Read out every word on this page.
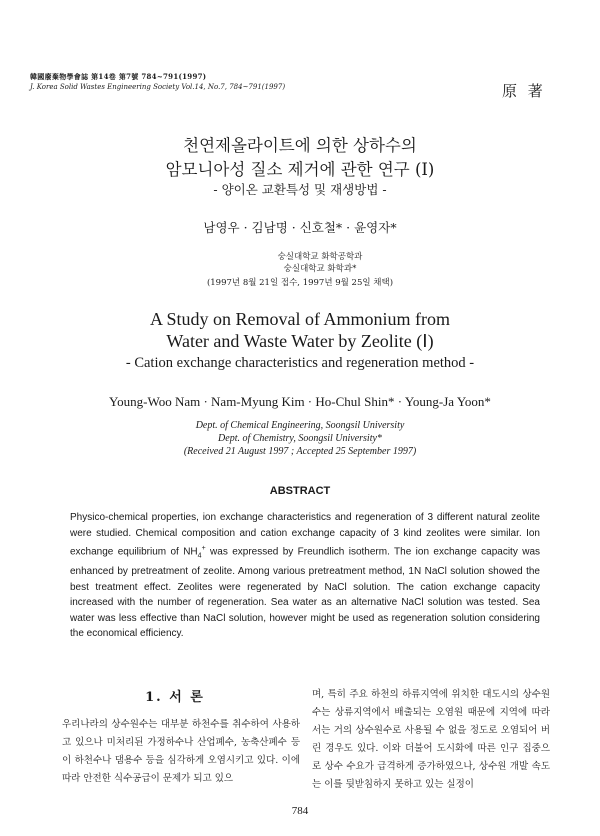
韓國廢棄物學會誌 第14卷 第7號 784~791(1997)
J. Korea Solid Wastes Engineering Society Vol.14, No.7, 784~791(1997)	原 著
천연제올라이트에 의한 상하수의
암모니아성 질소 제거에 관한 연구 (Ⅰ)
- 양이온 교환특성 및 재생방법 -
남영우 · 김남명 · 신호철* · 윤영자*
숭실대학교 화학공학과
숭실대학교 화학과*
(1997년 8월 21일 접수, 1997년 9월 25일 채택)
A Study on Removal of Ammonium from
Water and Waste Water by Zeolite (Ⅰ)
- Cation exchange characteristics and regeneration method -
Young-Woo Nam · Nam-Myung Kim · Ho-Chul Shin* · Young-Ja Yoon*
Dept. of Chemical Engineering, Soongsil University
Dept. of Chemistry, Soongsil University*
(Received 21 August 1997 ; Accepted 25 September 1997)
ABSTRACT
Physico-chemical properties, ion exchange characteristics and regeneration of 3 different natural zeolite were studied. Chemical composition and cation exchange capacity of 3 kind zeolites were similar. Ion exchange equilibrium of $NH_4^+$ was expressed by Freundlich isotherm. The ion exchange capacity was enhanced by pretreatment of zeolite. Among various pretreatment method, 1N NaCl solution showed the best treatment effect. Zeolites were regenerated by NaCl solution. The cation exchange capacity increased with the number of regeneration. Sea water as an alternative NaCl solution was tested. Sea water was less effective than NaCl solution, however might be used as regeneration solution considering the economical efficiency.
1. 서 론
우리나라의 상수원수는 대부분 하천수를 취수하여 사용하고 있으나 미처리된 가정하수나 산업폐수, 농축산폐수 등이 하천수나 댐용수 등을 심각하게 오염시키고 있다. 이에따라 안전한 식수공급이 문제가 되고 있으
며, 특히 주요 하천의 하류지역에 위치한 대도시의 상수원수는 상류지역에서 배출되는 오염원 때문에 지역에 따라서는 거의 상수원수로 사용될 수 없을 정도로 오염되어 버린 경우도 있다. 이와 더불어 도시화에 따른 인구 집중으로 상수 수요가 급격하게 증가하였으나, 상수원 개발 속도는 이를 뒷받침하지 못하고 있는 실정이
784
